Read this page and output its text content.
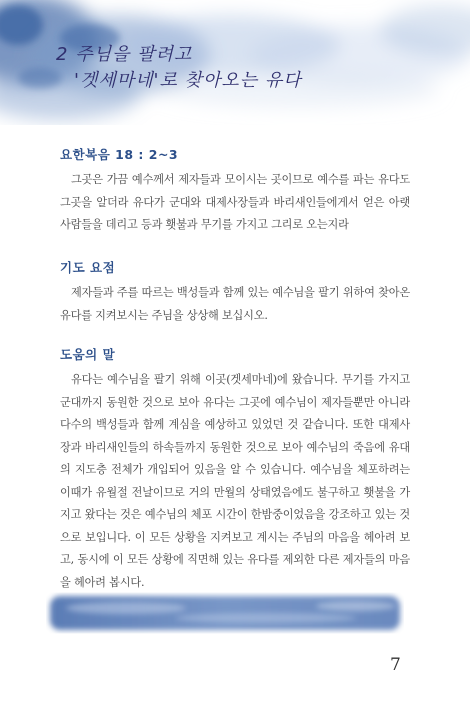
2 주님을 팔려고
'겟세마네'로 찾아오는 유다
요한복음 18 : 2~3

그곳은 가끔 예수께서 제자들과 모이시는 곳이므로 예수를 파는 유다도 그곳을 알더라 유다가 군대와 대제사장들과 바리새인들에게서 얻은 아랫사람들을 데리고 등과 횃불과 무기를 가지고 그리로 오는지라

기도 요점

제자들과 주를 따르는 백성들과 함께 있는 예수님을 팔기 위하여 찾아온 유다를 지켜보시는 주님을 상상해 보십시오.

도움의 말

유다는 예수님을 팔기 위해 이곳(겟세마네)에 왔습니다. 무기를 가지고 군대까지 동원한 것으로 보아 유다는 그곳에 예수님이 제자들뿐만 아니라 다수의 백성들과 함께 계심을 예상하고 있었던 것 같습니다. 또한 대제사장과 바리새인들의 하속들까지 동원한 것으로 보아 예수님의 죽음에 유대의 지도층 전체가 개입되어 있음을 알 수 있습니다. 예수님을 체포하려는 이때가 유월절 전날이므로 거의 만월의 상태였음에도 불구하고 횃불을 가지고 왔다는 것은 예수님의 체포 시간이 한밤중이었음을 강조하고 있는 것으로 보입니다. 이 모든 상황을 지켜보고 계시는 주님의 마음을 헤아려 보고, 동시에 이 모든 상황에 직면해 있는 유다를 제외한 다른 제자들의 마음을 헤아려 봅시다.

7
